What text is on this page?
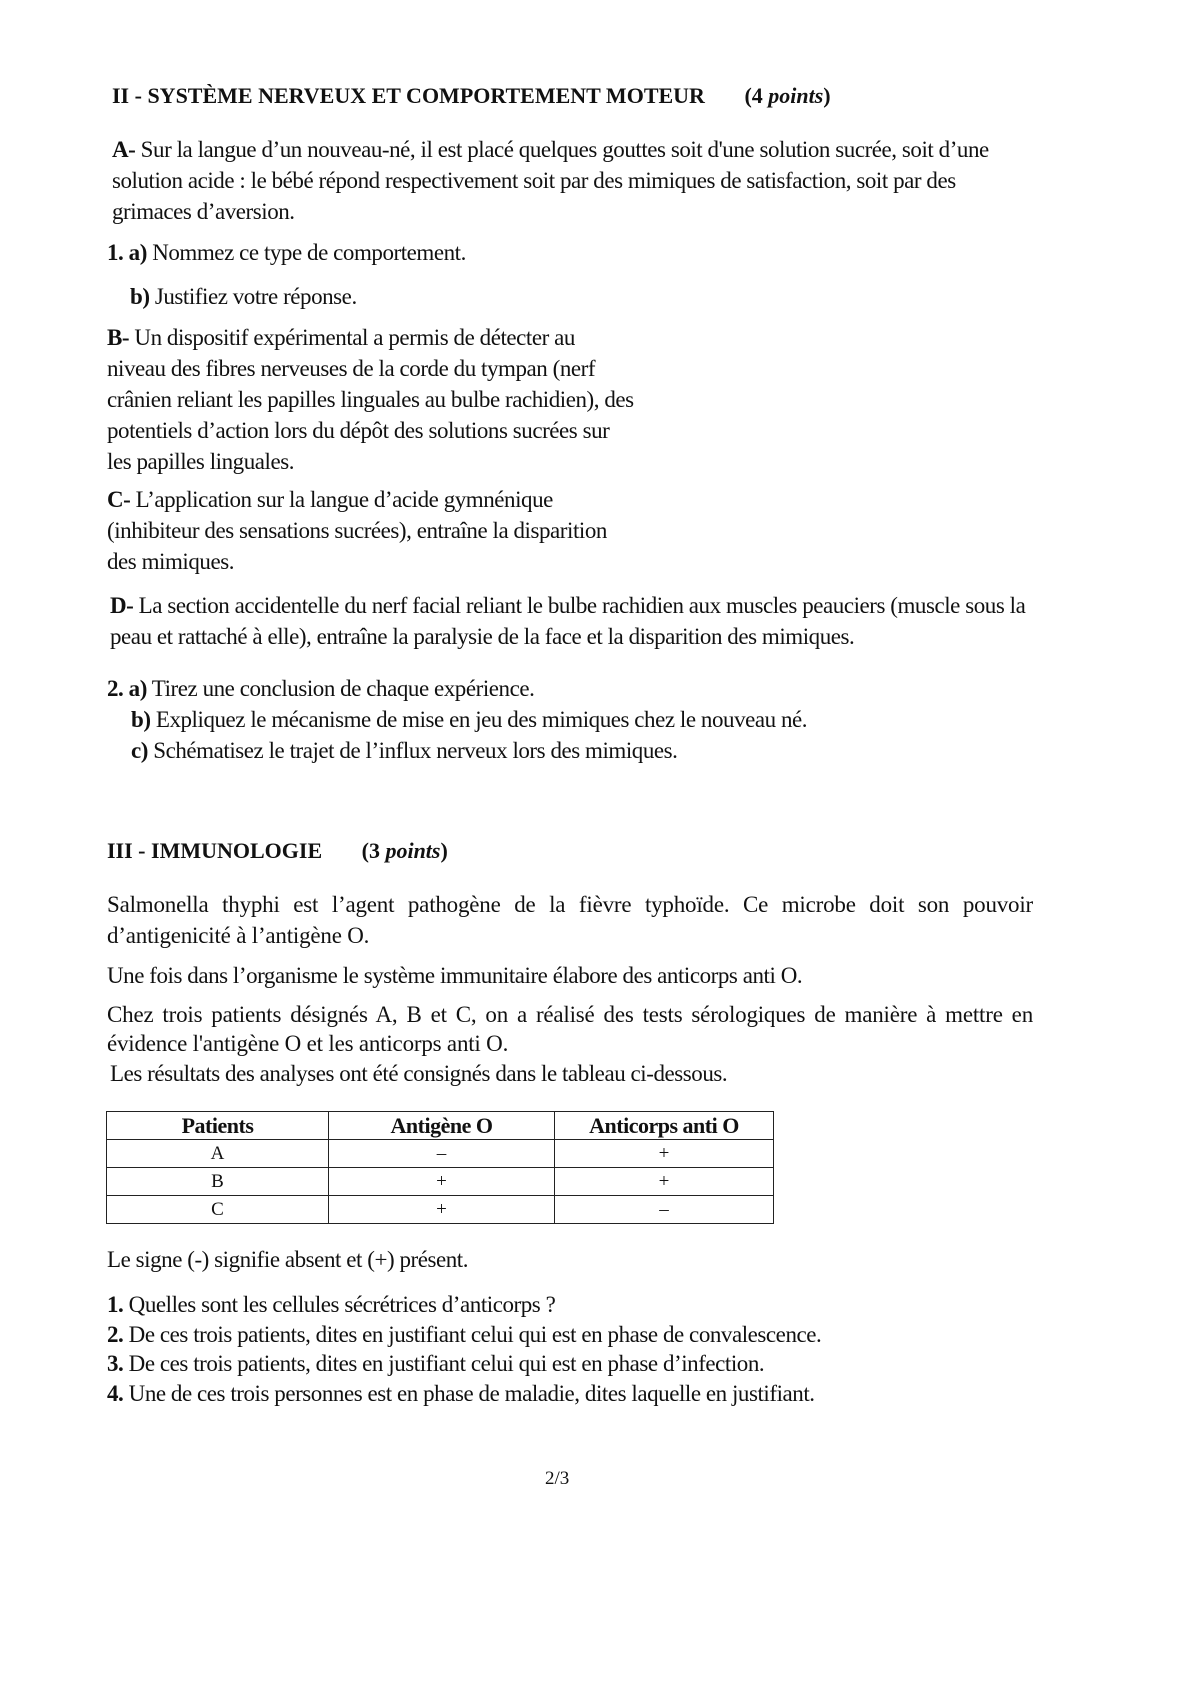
II - SYSTÈME NERVEUX ET COMPORTEMENT MOTEUR (4 points)

A- Sur la langue d’un nouveau-né, il est placé quelques gouttes soit d'une solution sucrée, soit d’une solution acide : le bébé répond respectivement soit par des mimiques de satisfaction, soit par des grimaces d’aversion.

1. a) Nommez ce type de comportement.

b) Justifiez votre réponse.

B- Un dispositif expérimental a permis de détecter au niveau des fibres nerveuses de la corde du tympan (nerf crânien reliant les papilles linguales au bulbe rachidien), des potentiels d’action lors du dépôt des solutions sucrées sur les papilles linguales.

C- L’application sur la langue d’acide gymnénique (inhibiteur des sensations sucrées), entraîne la disparition des mimiques.

D- La section accidentelle du nerf facial reliant le bulbe rachidien aux muscles peauciers (muscle sous la peau et rattaché à elle), entraîne la paralysie de la face et la disparition des mimiques.

2. a) Tirez une conclusion de chaque expérience.

b) Expliquez le mécanisme de mise en jeu des mimiques chez le nouveau né.

c) Schématisez le trajet de l’influx nerveux lors des mimiques.

III - IMMUNOLOGIE (3 points)

Salmonella thyphi est l’agent pathogène de la fièvre typhoïde. Ce microbe doit son pouvoir d’antigenicité à l’antigène O.

Une fois dans l’organisme le système immunitaire élabore des anticorps anti O.

Chez trois patients désignés A, B et C, on a réalisé des tests sérologiques de manière à mettre en évidence l'antigène O et les anticorps anti O.

Les résultats des analyses ont été consignés dans le tableau ci-dessous.

Patients	Antigène O	Anticorps anti O
A	–	+
B	+	+
C	+	–

Le signe (-) signifie absent et (+) présent.

1. Quelles sont les cellules sécrétrices d’anticorps ?

2. De ces trois patients, dites en justifiant celui qui est en phase de convalescence.

3. De ces trois patients, dites en justifiant celui qui est en phase d’infection.

4. Une de ces trois personnes est en phase de maladie, dites laquelle en justifiant.

2/3
